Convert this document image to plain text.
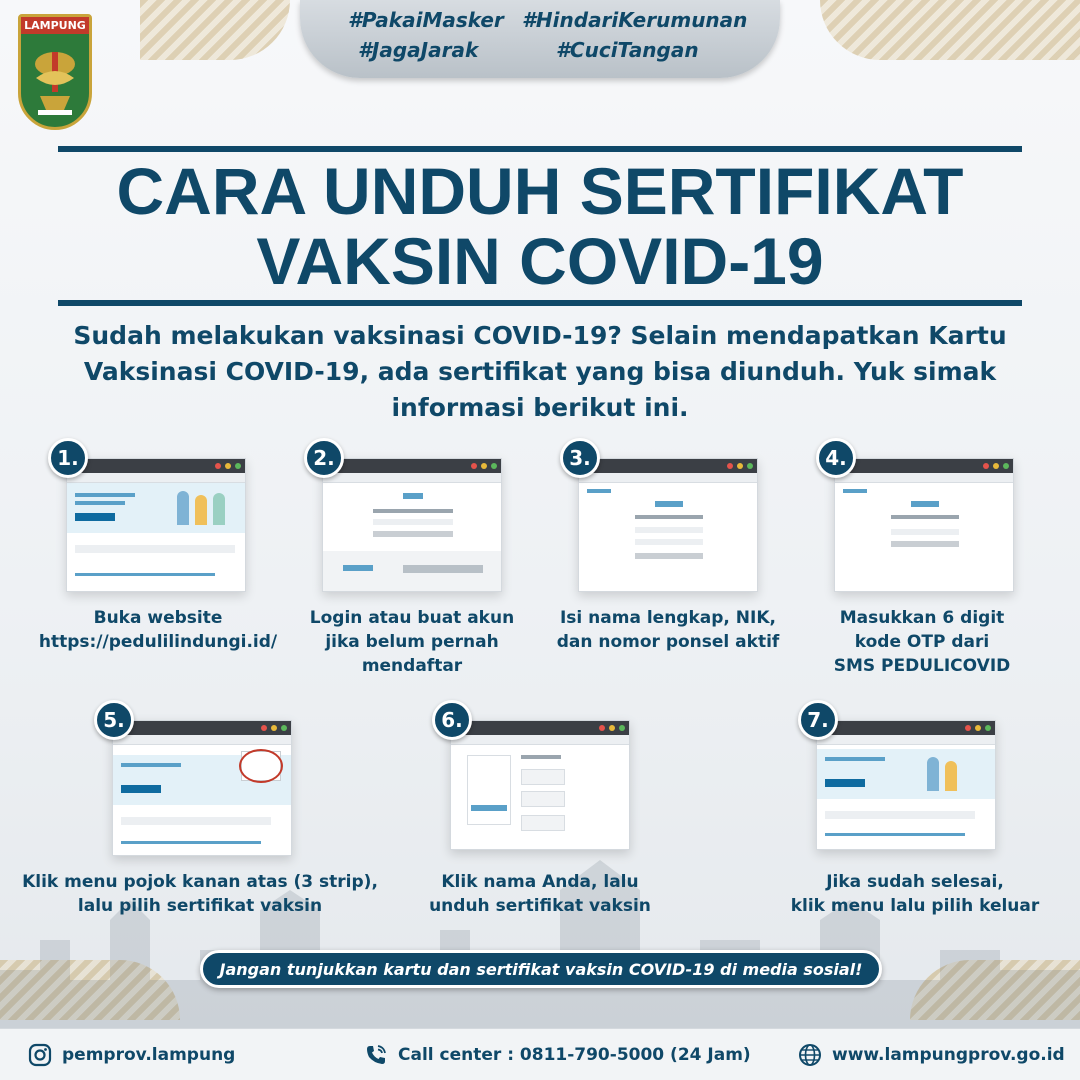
LAMPUNG	#PakaiMasker #HindariKerumunan
#JagaJarak	#CuciTangan
CARA UNDUH SERTIFIKAT
VAKSIN COVID-19
Sudah melakukan vaksinasi COVID-19? Selain mendapatkan Kartu Vaksinasi COVID-19, ada sertifikat yang bisa diunduh. Yuk simak informasi berikut ini.
1.
Buka website
https://pedulilindungi.id/
2.
Login atau buat akun
jika belum pernah
mendaftar
3.
Isi nama lengkap, NIK,
dan nomor ponsel aktif
4.
Masukkan 6 digit
kode OTP dari
SMS PEDULICOVID
5.
Klik menu pojok kanan atas (3 strip),
lalu pilih sertifikat vaksin
6.
Klik nama Anda, lalu
unduh sertifikat vaksin
7.
Jika sudah selesai,
klik menu lalu pilih keluar
Jangan tunjukkan kartu dan sertifikat vaksin COVID-19 di media sosial!
pemprov.lampung	Call center : 0811-790-5000 (24 Jam)	www.lampungprov.go.id
